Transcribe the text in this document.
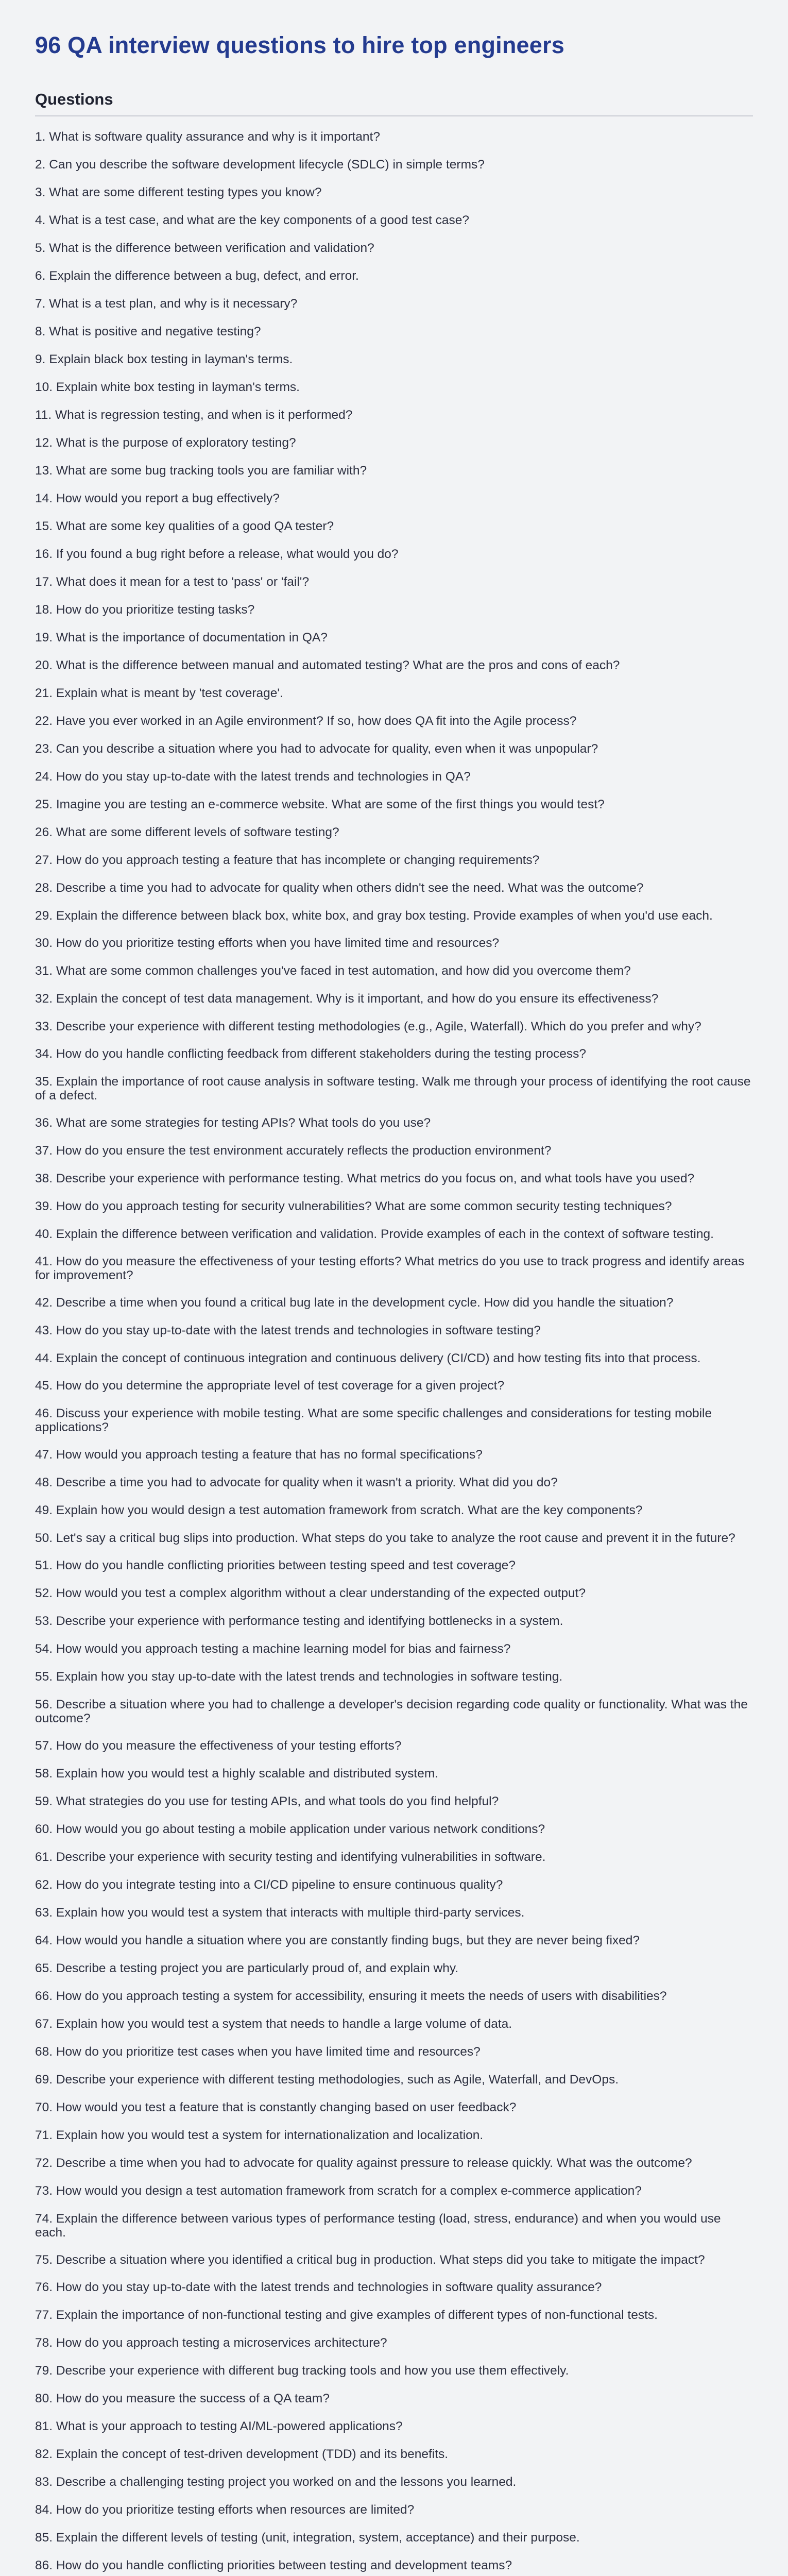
96 QA interview questions to hire top engineers
Questions
1. What is software quality assurance and why is it important?
2. Can you describe the software development lifecycle (SDLC) in simple terms?
3. What are some different testing types you know?
4. What is a test case, and what are the key components of a good test case?
5. What is the difference between verification and validation?
6. Explain the difference between a bug, defect, and error.
7. What is a test plan, and why is it necessary?
8. What is positive and negative testing?
9. Explain black box testing in layman's terms.
10. Explain white box testing in layman's terms.
11. What is regression testing, and when is it performed?
12. What is the purpose of exploratory testing?
13. What are some bug tracking tools you are familiar with?
14. How would you report a bug effectively?
15. What are some key qualities of a good QA tester?
16. If you found a bug right before a release, what would you do?
17. What does it mean for a test to 'pass' or 'fail'?
18. How do you prioritize testing tasks?
19. What is the importance of documentation in QA?
20. What is the difference between manual and automated testing? What are the pros and cons of each?
21. Explain what is meant by 'test coverage'.
22. Have you ever worked in an Agile environment? If so, how does QA fit into the Agile process?
23. Can you describe a situation where you had to advocate for quality, even when it was unpopular?
24. How do you stay up-to-date with the latest trends and technologies in QA?
25. Imagine you are testing an e-commerce website. What are some of the first things you would test?
26. What are some different levels of software testing?
27. How do you approach testing a feature that has incomplete or changing requirements?
28. Describe a time you had to advocate for quality when others didn't see the need. What was the outcome?
29. Explain the difference between black box, white box, and gray box testing. Provide examples of when you'd use each.
30. How do you prioritize testing efforts when you have limited time and resources?
31. What are some common challenges you've faced in test automation, and how did you overcome them?
32. Explain the concept of test data management. Why is it important, and how do you ensure its effectiveness?
33. Describe your experience with different testing methodologies (e.g., Agile, Waterfall). Which do you prefer and why?
34. How do you handle conflicting feedback from different stakeholders during the testing process?
35. Explain the importance of root cause analysis in software testing. Walk me through your process of identifying the root cause of a defect.
36. What are some strategies for testing APIs? What tools do you use?
37. How do you ensure the test environment accurately reflects the production environment?
38. Describe your experience with performance testing. What metrics do you focus on, and what tools have you used?
39. How do you approach testing for security vulnerabilities? What are some common security testing techniques?
40. Explain the difference between verification and validation. Provide examples of each in the context of software testing.
41. How do you measure the effectiveness of your testing efforts? What metrics do you use to track progress and identify areas for improvement?
42. Describe a time when you found a critical bug late in the development cycle. How did you handle the situation?
43. How do you stay up-to-date with the latest trends and technologies in software testing?
44. Explain the concept of continuous integration and continuous delivery (CI/CD) and how testing fits into that process.
45. How do you determine the appropriate level of test coverage for a given project?
46. Discuss your experience with mobile testing. What are some specific challenges and considerations for testing mobile applications?
47. How would you approach testing a feature that has no formal specifications?
48. Describe a time you had to advocate for quality when it wasn't a priority. What did you do?
49. Explain how you would design a test automation framework from scratch. What are the key components?
50. Let's say a critical bug slips into production. What steps do you take to analyze the root cause and prevent it in the future?
51. How do you handle conflicting priorities between testing speed and test coverage?
52. How would you test a complex algorithm without a clear understanding of the expected output?
53. Describe your experience with performance testing and identifying bottlenecks in a system.
54. How would you approach testing a machine learning model for bias and fairness?
55. Explain how you stay up-to-date with the latest trends and technologies in software testing.
56. Describe a situation where you had to challenge a developer's decision regarding code quality or functionality. What was the outcome?
57. How do you measure the effectiveness of your testing efforts?
58. Explain how you would test a highly scalable and distributed system.
59. What strategies do you use for testing APIs, and what tools do you find helpful?
60. How would you go about testing a mobile application under various network conditions?
61. Describe your experience with security testing and identifying vulnerabilities in software.
62. How do you integrate testing into a CI/CD pipeline to ensure continuous quality?
63. Explain how you would test a system that interacts with multiple third-party services.
64. How would you handle a situation where you are constantly finding bugs, but they are never being fixed?
65. Describe a testing project you are particularly proud of, and explain why.
66. How do you approach testing a system for accessibility, ensuring it meets the needs of users with disabilities?
67. Explain how you would test a system that needs to handle a large volume of data.
68. How do you prioritize test cases when you have limited time and resources?
69. Describe your experience with different testing methodologies, such as Agile, Waterfall, and DevOps.
70. How would you test a feature that is constantly changing based on user feedback?
71. Explain how you would test a system for internationalization and localization.
72. Describe a time when you had to advocate for quality against pressure to release quickly. What was the outcome?
73. How would you design a test automation framework from scratch for a complex e-commerce application?
74. Explain the difference between various types of performance testing (load, stress, endurance) and when you would use each.
75. Describe a situation where you identified a critical bug in production. What steps did you take to mitigate the impact?
76. How do you stay up-to-date with the latest trends and technologies in software quality assurance?
77. Explain the importance of non-functional testing and give examples of different types of non-functional tests.
78. How do you approach testing a microservices architecture?
79. Describe your experience with different bug tracking tools and how you use them effectively.
80. How do you measure the success of a QA team?
81. What is your approach to testing AI/ML-powered applications?
82. Explain the concept of test-driven development (TDD) and its benefits.
83. Describe a challenging testing project you worked on and the lessons you learned.
84. How do you prioritize testing efforts when resources are limited?
85. Explain the different levels of testing (unit, integration, system, acceptance) and their purpose.
86. How do you handle conflicting priorities between testing and development teams?
